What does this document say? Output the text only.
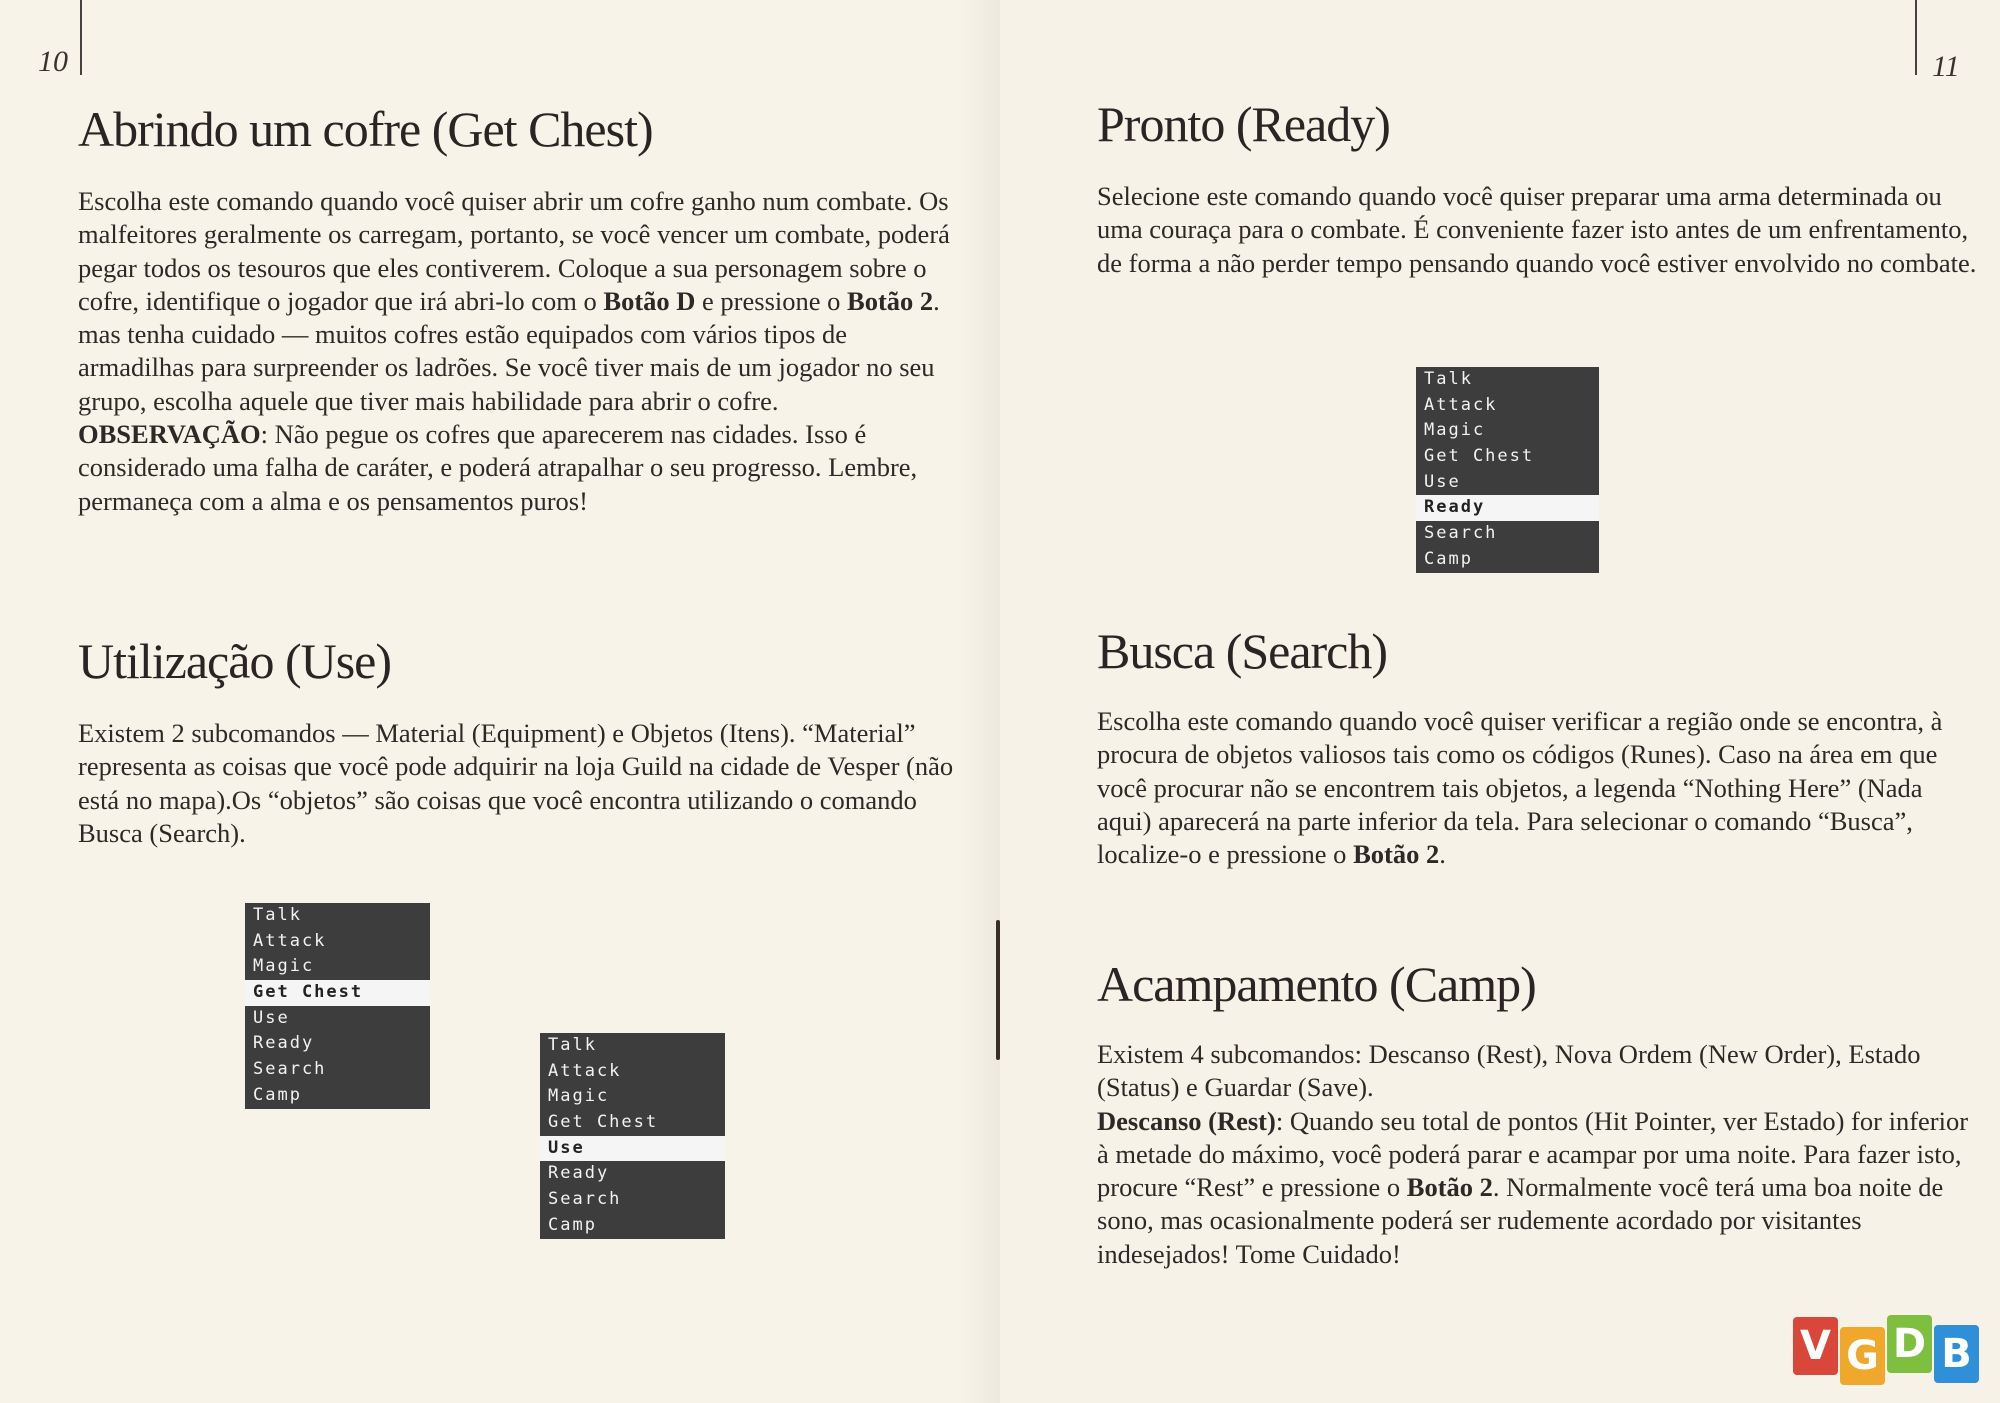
10
Abrindo um cofre (Get Chest)

Escolha este comando quando você quiser abrir um cofre ganho num combate. Os malfeitores geralmente os carregam, portanto, se você vencer um combate, poderá pegar todos os tesouros que eles contiverem. Coloque a sua personagem sobre o cofre, identifique o jogador que irá abri-lo com o Botão D e pressione o Botão 2. mas tenha cuidado — muitos cofres estão equipados com vários tipos de armadilhas para surpreender os ladrões. Se você tiver mais de um jogador no seu grupo, escolha aquele que tiver mais habilidade para abrir o cofre.
OBSERVAÇÃO: Não pegue os cofres que aparecerem nas cidades. Isso é considerado uma falha de caráter, e poderá atrapalhar o seu progresso. Lembre, permaneça com a alma e os pensamentos puros!

Utilização (Use)

Existem 2 subcomandos — Material (Equipment) e Objetos (Itens). “Material” representa as coisas que você pode adquirir na loja Guild na cidade de Vesper (não está no mapa).Os “objetos” são coisas que você encontra utilizando o comando Busca (Search).

Talk
Attack
Magic
Get Chest
Use
Ready
Search
Camp
Talk
Attack
Magic
Get Chest
Use
Ready
Search
Camp
11
Pronto (Ready)

Selecione este comando quando você quiser preparar uma arma determinada ou uma couraça para o combate. É conveniente fazer isto antes de um enfrentamento, de forma a não perder tempo pensando quando você estiver envolvido no combate.

Talk
Attack
Magic
Get Chest
Use
Ready
Search
Camp
Busca (Search)

Escolha este comando quando você quiser verificar a região onde se encontra, à procura de objetos valiosos tais como os códigos (Runes). Caso na área em que você procurar não se encontrem tais objetos, a legenda “Nothing Here” (Nada aqui) aparecerá na parte inferior da tela. Para selecionar o comando “Busca”, localize-o e pressione o Botão 2.

Acampamento (Camp)

Existem 4 subcomandos: Descanso (Rest), Nova Ordem (New Order), Estado (Status) e Guardar (Save).
Descanso (Rest): Quando seu total de pontos (Hit Pointer, ver Estado) for inferior à metade do máximo, você poderá parar e acampar por uma noite. Para fazer isto, procure “Rest” e pressione o Botão 2. Normalmente você terá uma boa noite de sono, mas ocasionalmente poderá ser rudemente acordado por visitantes indesejados! Tome Cuidado!

V G D B
